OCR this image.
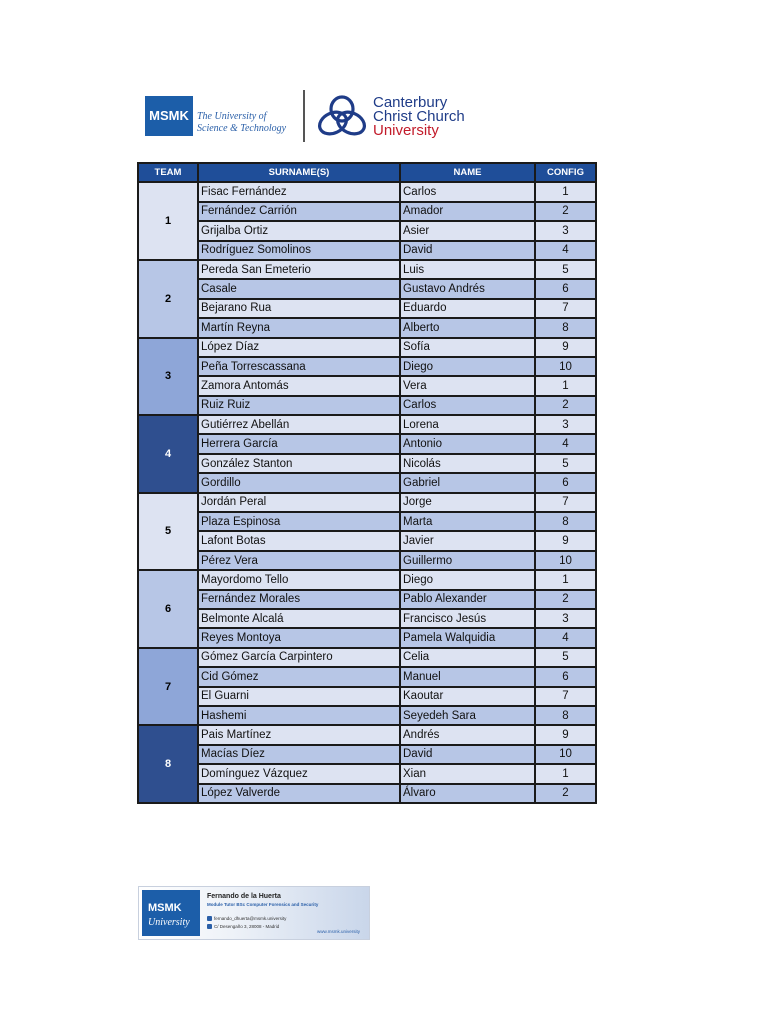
MSMK The University of
Science & Technology
Canterbury
Christ Church
University
TEAM	SURNAME(S)	NAME	CONFIG
1	Fisac Fernández	Carlos	1
	Fernández Carrión	Amador	2
	Grijalba Ortiz	Asier	3
	Rodríguez Somolinos	David	4
2	Pereda San Emeterio	Luis	5
	Casale	Gustavo Andrés	6
	Bejarano Rua	Eduardo	7
	Martín Reyna	Alberto	8
3	López Díaz	Sofía	9
	Peña Torrescassana	Diego	10
	Zamora Antomás	Vera	1
	Ruiz Ruiz	Carlos	2
4	Gutiérrez Abellán	Lorena	3
	Herrera García	Antonio	4
	González Stanton	Nicolás	5
	Gordillo	Gabriel	6
5	Jordán Peral	Jorge	7
	Plaza Espinosa	Marta	8
	Lafont Botas	Javier	9
	Pérez Vera	Guillermo	10
6	Mayordomo Tello	Diego	1
	Fernández Morales	Pablo Alexander	2
	Belmonte Alcalá	Francisco Jesús	3
	Reyes Montoya	Pamela Walquidia	4
7	Gómez García Carpintero	Celia	5
	Cid Gómez	Manuel	6
	El Guarni	Kaoutar	7
	Hashemi	Seyedeh Sara	8
8	Pais Martínez	Andrés	9
	Macías Díez	David	10
	Domínguez Vázquez	Xian	1
	López Valverde	Álvaro	2
MSMK
University
Fernando de la Huerta
Module Tutor BSc Computer Forensics and Security
fernando_dhuerta@msmk.university
C/ Desengaño 3, 28008 - Madrid
www.msmk.university
